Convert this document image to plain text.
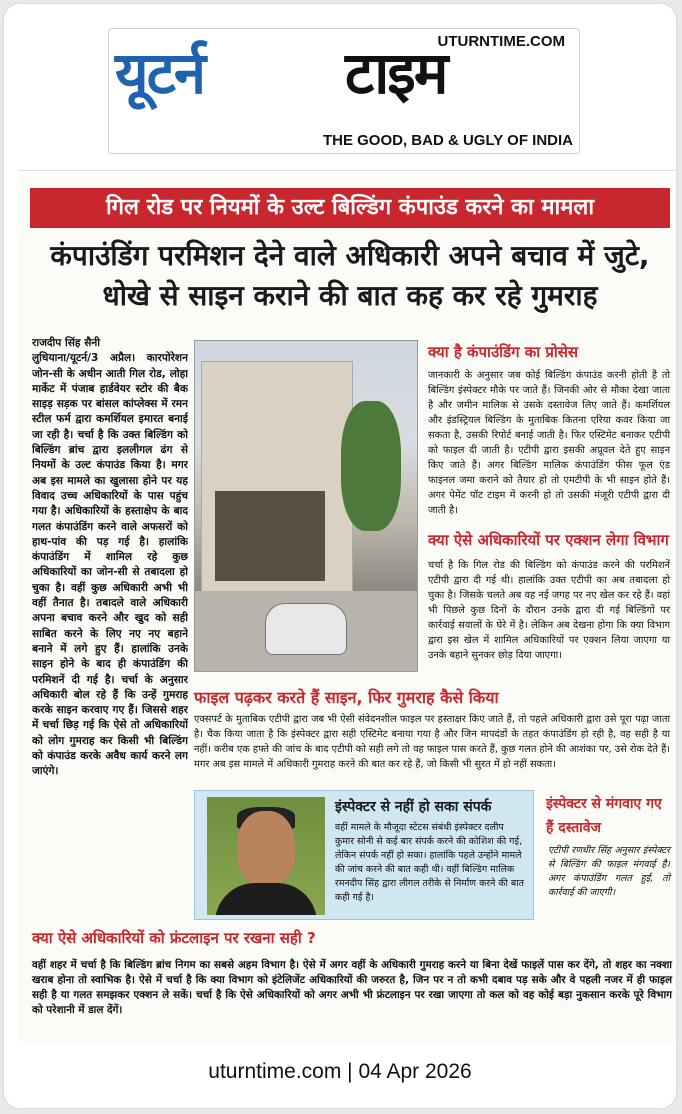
UTURNTIME.COM
यूटर्न टाइम
THE GOOD, BAD & UGLY OF INDIA
गिल रोड पर नियमों के उल्ट बिल्डिंग कंपाउंड करने का मामला
कंपाउंडिंग परमिशन देने वाले अधिकारी अपने बचाव में जुटे, धोखे से साइन कराने की बात कह कर रहे गुमराह

राजदीप सिंह सैनी

लुधियाना/यूटर्न/3 अप्रैल। कारपोरेशन जोन-सी के अधीन आती गिल रोड, लोहा मार्केट में पंजाब हार्डवेयर स्टोर की बैक साइड़ सड़क पर बांसल कांप्लेक्स में रमन स्टील फर्म द्वारा कमर्शियल इमारत बनाई जा रही है। चर्चा है कि उक्त बिल्डिंग को बिल्डिंग ब्रांच द्वारा इललीगल ढंग से नियमों के उल्ट कंपाउंड किया है। मगर अब इस मामले का खुलासा होने पर यह विवाद उच्च अधिकारियों के पास पहुंच गया है। अधिकारियों के हस्ताक्षेप के बाद गलत कंपाउंडिंग करने वाले अफसरों को हाथ-पांव की पड़ गई है। हालांकि कंपाउंडिंग में शामिल रहे कुछ अधिकारियों का जोन-सी से तबादला हो चुका है। वहीं कुछ अधिकारी अभी भी वहीं तैनात है। तबादले वाले अधिकारी अपना बचाव करने और खुद को सही साबित करने के लिए नए नए बहाने बनाने में लगे हुए हैं। हालांकि उनके साइन होने के बाद ही कंपाउंडिंग की परमिशनें दी गई है। चर्चा के अनुसार अधिकारी बोल रहे हैं कि उन्हें गुमराह करके साइन करवाए गए हैं। जिससे शहर में चर्चा छिड़ गई कि ऐसे तो अधिकारियों को लोग गुमराह कर किसी भी बिल्डिंग को कंपाउंड करके अवैध कार्य करने लग जाएंगे।

क्या है कंपाउंडिंग का प्रोसेस
जानकारी के अनुसार जब कोई बिल्डिंग कंपाउंड करनी होती है तो बिल्डिंग इंस्पेक्टर मौके पर जाते हैं। जिनकी ओर से मौका देखा जाता है और जमीन मालिक से उसके दस्तावेज लिए जाते हैं। कमर्शियल और इंडस्ट्रियल बिल्डिंग के मुताबिक कितना एरिया कवर किया जा सकता है, उसकी रिपोर्ट बनाई जाती है। फिर एस्टिमेट बनाकर एटीपी को फाइल दी जाती है। एटीपी द्वारा इसकी अप्रूवल देते हुए साइन किए जाते हैं। अगर बिल्डिंग मालिक कंपाउंडिंग फीस फूल एंड फाइनल जमा कराने को तैयार हो तो एमटीपी के भी साइन होते हैं। अगर पेमेंट पॉट टाइम में करनी हो तो उसकी मंजूरी एटीपी द्वारा दी जाती है।
क्या ऐसे अधिकारियों पर एक्शन लेगा विभाग
चर्चा है कि गिल रोड की बिल्डिंग को कंपाउंड करने की परमिशनें एटीपी द्वारा दी गई थी। हालांकि उक्त एटीपी का अब तबादला हो चुका है। जिसके चलते अब वह नई जगह पर नए खेल कर रहे हैं। वहां भी पिछले कुछ दिनों के दौरान उनके द्वारा दी गई बिल्डिंगों पर कार्रवाई सवालों के घेरे में है। लेकिन अब देखना होगा कि क्या विभाग द्वारा इस खेल में शामिल अधिकारियों पर एक्शन लिया जाएगा या उनके बहाने सुनकर छोड़ दिया जाएगा।
फाइल पढ़कर करते हैं साइन, फिर गुमराह कैसे किया
एक्सपर्ट के मुताबिक एटीपी द्वारा जब भी ऐसी संवेदनशील फाइल पर हस्ताक्षर किए जाते हैं, तो पहले अधिकारी द्वारा उसे पूरा पढ़ा जाता है। चैक किया जाता है कि इंस्पेक्टर द्वारा सही एस्टिमेट बनाया गया है और जिन मापदंडों के तहत कंपाउंडिंग हो रही है, वह सही है या नहीं। करीब एक हफ्ते की जांच के बाद एटीपी को सही लगे तो वह फाइल पास करते हैं, कुछ गलत होने की आशंका पर, उसे रोक देते हैं। मगर अब इस मामले में अधिकारी गुमराह करने की बात कर रहे हैं, जो किसी भी सुरत में हो नहीं सकता।
इंस्पेक्टर से नहीं हो सका संपर्क
वहीं मामले के मौजूदा स्टेटस संबंधी इंस्पेक्टर दलीप कुमार सोनी से कई बार संपर्क करने की कोशिश की गई, लेकिन संपर्क नहीं हो सका। हालांकि पहले उन्होंने मामले की जांच करने की बात कही थी। वहीं बिल्डिंग मालिक रमनदीप सिंह द्वारा लीगल तरीके से निर्माण करने की बात कही गई है।
इंस्पेक्टर से मंगवाए गए हैं दस्तावेज
एटीपी रणधीर सिंह अनुसार इंस्पेक्टर से बिल्डिंग की फाइल मंगवाई है। अगर कंपाउंडिंग गलत हुई, तो कार्रवाई की जाएगी।
क्या ऐसे अधिकारियों को फ्रंटलाइन पर रखना सही ?
वहीं शहर में चर्चा है कि बिल्डिंग ब्रांच निगम का सबसे अहम विभाग है। ऐसे में अगर वहीं के अधिकारी गुमराह करने या बिना देखें फाइलें पास कर देंगे, तो शहर का नक्शा खराब होना तो स्वाभिक है। ऐसे में चर्चा है कि क्या विभाग को इंटेलिजेंट अधिकारियों की जरुरत है, जिन पर न तो कभी दबाव पड़ सके और वे पहली नजर में ही फाइल सही है या गलत समझकर एक्शन ले सकें। चर्चा है कि ऐसे अधिकारियों को अगर अभी भी फ्रंटलाइन पर रखा जाएगा तो कल को वह कोई बड़ा नुकसान करके पूरे विभाग को परेशानी में डाल देंगें।
uturntime.com | 04 Apr 2026
